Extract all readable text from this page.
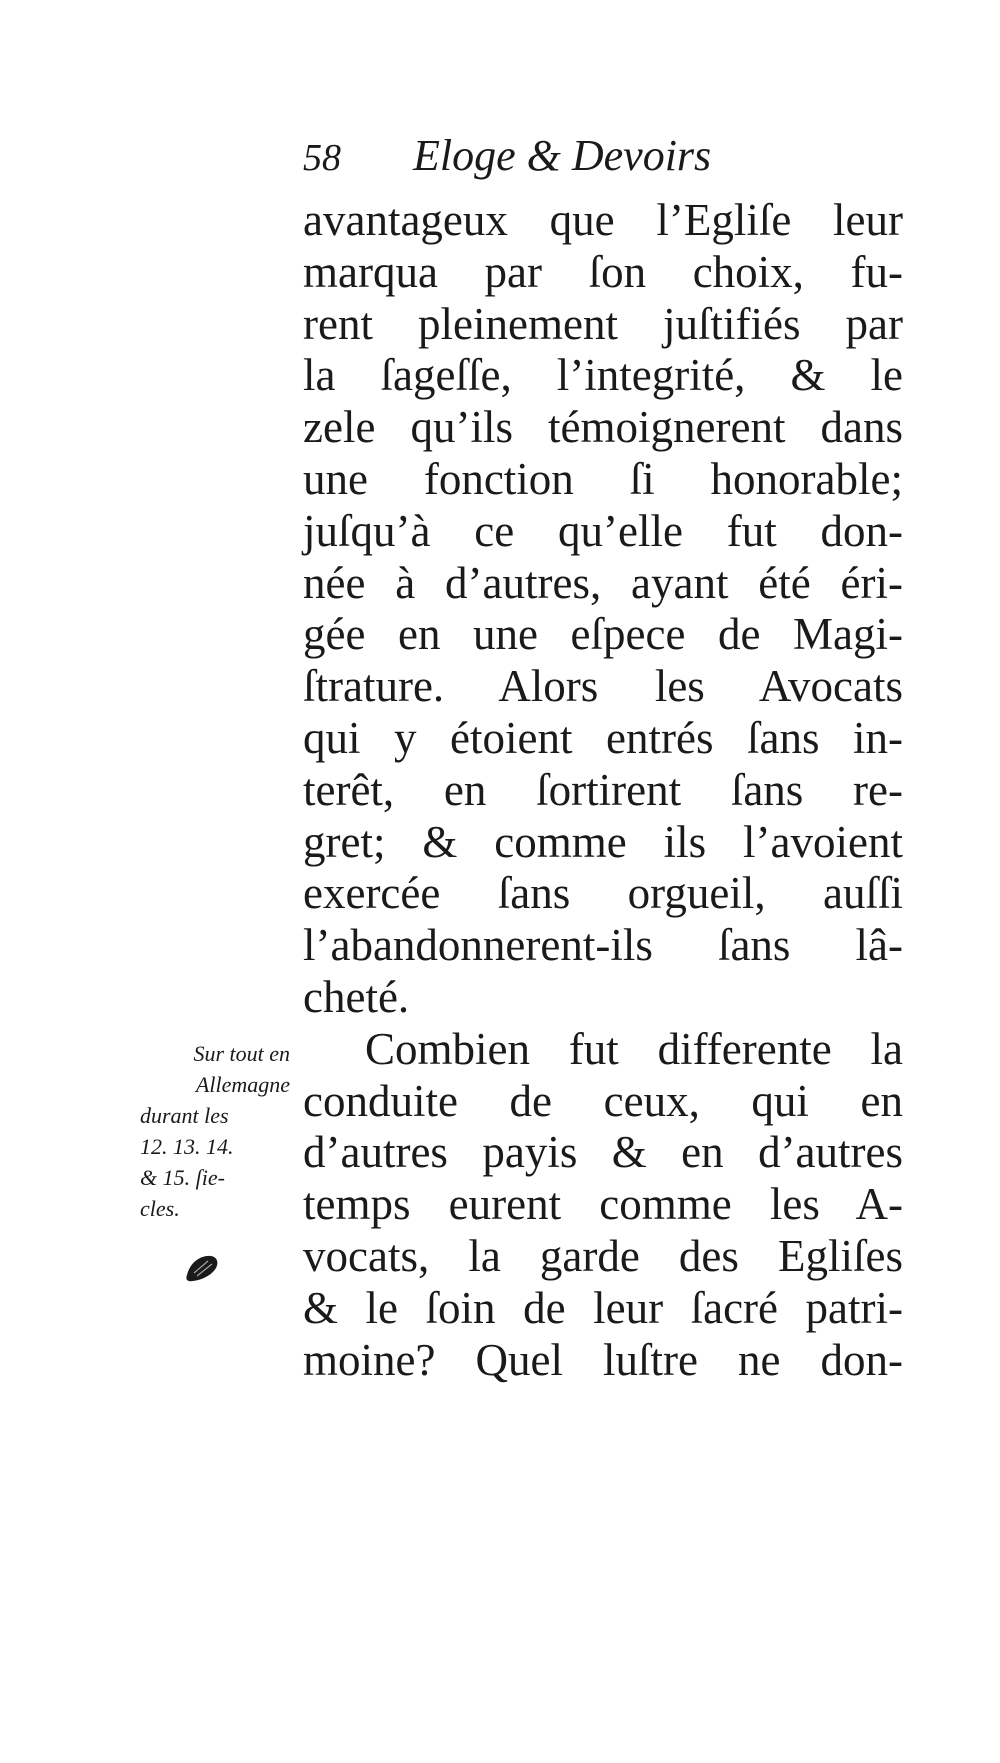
58 Eloge & Devoirs
avantageux que l’Egliſe leur
marqua par ſon choix, fu-
rent pleinement juſtifiés par
la ſageſſe, l’integrité, & le
zele qu’ils témoignerent dans
une fonction ſi honorable;
juſqu’à ce qu’elle fut don-
née à d’autres, ayant été éri-
gée en une eſpece de Magi-
ſtrature. Alors les Avocats
qui y étoient entrés ſans in-
terêt, en ſortirent ſans re-
gret; & comme ils l’avoient
exercée ſans orgueil, auſſi
l’abandonnerent-ils ſans lâ-
cheté.
Combien fut differente la
conduite de ceux, qui en
d’autres payis & en d’autres
temps eurent comme les A-
vocats, la garde des Egliſes
& le ſoin de leur ſacré patri-
moine? Quel luſtre ne don-
Sur tout en
Allemagne
durant les
12. 13. 14.
& 15. ſie-
cles.
